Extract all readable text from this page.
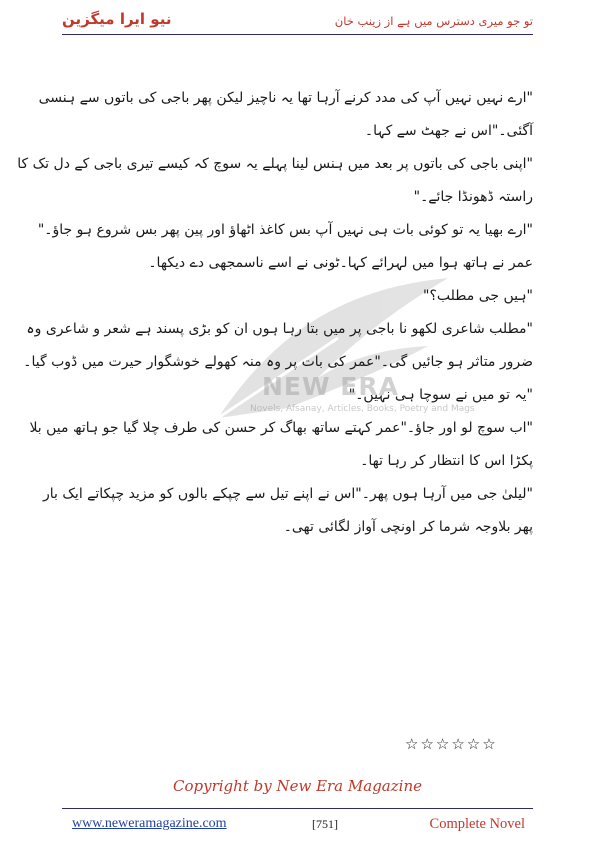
نیو ایرا میگزین	تو جو میری دسترس میں ہے از زینب خان
NEW ERA
Novels, Afsanay, Articles, Books, Poetry and Mags
"ارے نہیں نہیں آپ کی مدد کرنے آرہا تھا یہ ناچیز لیکن پھر باجی کی باتوں سے ہنسی
آگئی۔"اس نے جھٹ سے کہا۔
"اپنی باجی کی باتوں پر بعد میں ہنس لینا پہلے یہ سوچ کہ کیسے تیری باجی کے دل تک کا
راستہ ڈھونڈا جائے۔"
"ارے بھیا یہ تو کوئی بات ہی نہیں آپ بس کاغذ اٹھاؤ اور پین پھر بس شروع ہو جاؤ۔"
عمر نے ہاتھ ہوا میں لہرائے کہا۔ٹونی نے اسے ناسمجھی دے دیکھا۔
"ہیں جی مطلب؟"
"مطلب شاعری لکھو نا باجی پر میں بتا رہا ہوں ان کو بڑی پسند ہے شعر و شاعری وہ
ضرور متاثر ہو جائیں گی۔"عمر کی بات پر وہ منہ کھولے خوشگوار حیرت میں ڈوب گیا۔
"یہ تو میں نے سوچا ہی نہیں۔"
"اب سوچ لو اور جاؤ۔"عمر کہتے ساتھ بھاگ کر حسن کی طرف چلا گیا جو ہاتھ میں بلا
پکڑا اس کا انتظار کر رہا تھا۔
"لیلیٰ جی میں آرہا ہوں پھر۔"اس نے اپنے تیل سے چپکے بالوں کو مزید چپکاتے ایک بار
پھر بلاوجہ شرما کر اونچی آواز لگائی تھی۔
☆☆☆☆☆☆
Copyright by New Era Magazine
www.neweramagazine.com	[751]	Complete Novel
